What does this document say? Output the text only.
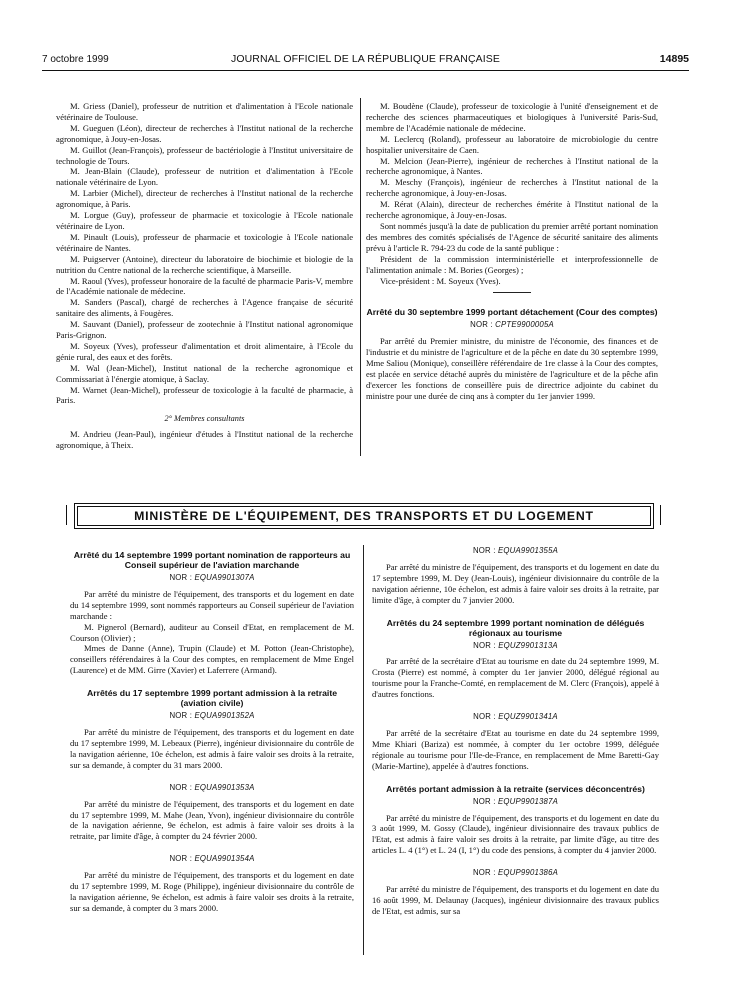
7 octobre 1999	JOURNAL OFFICIEL DE LA RÉPUBLIQUE FRANÇAISE	14895

M. Griess (Daniel), professeur de nutrition et d'alimentation à l'Ecole nationale vétérinaire de Toulouse.

M. Gueguen (Léon), directeur de recherches à l'Institut national de la recherche agronomique, à Jouy-en-Josas.

M. Guillot (Jean-François), professeur de bactériologie à l'Institut universitaire de technologie de Tours.

M. Jean-Blain (Claude), professeur de nutrition et d'alimentation à l'Ecole nationale vétérinaire de Lyon.

M. Larbier (Michel), directeur de recherches à l'Institut national de la recherche agronomique, à Paris.

M. Lorgue (Guy), professeur de pharmacie et toxicologie à l'Ecole nationale vétérinaire de Lyon.

M. Pinault (Louis), professeur de pharmacie et toxicologie à l'Ecole nationale vétérinaire de Nantes.

M. Puigserver (Antoine), directeur du laboratoire de biochimie et biologie de la nutrition du Centre national de la recherche scientifique, à Marseille.

M. Raoul (Yves), professeur honoraire de la faculté de pharmacie Paris-V, membre de l'Académie nationale de médecine.

M. Sanders (Pascal), chargé de recherches à l'Agence française de sécurité sanitaire des aliments, à Fougères.

M. Sauvant (Daniel), professeur de zootechnie à l'Institut national agronomique Paris-Grignon.

M. Soyeux (Yves), professeur d'alimentation et droit alimentaire, à l'Ecole du génie rural, des eaux et des forêts.

M. Wal (Jean-Michel), Institut national de la recherche agronomique et Commissariat à l'énergie atomique, à Saclay.

M. Warnet (Jean-Michel), professeur de toxicologie à la faculté de pharmacie, à Paris.

2° Membres consultants

M. Andrieu (Jean-Paul), ingénieur d'études à l'Institut national de la recherche agronomique, à Theix.

M. Boudène (Claude), professeur de toxicologie à l'unité d'enseignement et de recherche des sciences pharmaceutiques et biologiques à l'université Paris-Sud, membre de l'Académie nationale de médecine.

M. Leclercq (Roland), professeur au laboratoire de microbiologie du centre hospitalier universitaire de Caen.

M. Melcion (Jean-Pierre), ingénieur de recherches à l'Institut national de la recherche agronomique, à Nantes.

M. Meschy (François), ingénieur de recherches à l'Institut national de la recherche agronomique, à Jouy-en-Josas.

M. Rérat (Alain), directeur de recherches émérite à l'Institut national de la recherche agronomique, à Jouy-en-Josas.

Sont nommés jusqu'à la date de publication du premier arrêté portant nomination des membres des comités spécialisés de l'Agence de sécurité sanitaire des aliments prévu à l'article R. 794-23 du code de la santé publique :

Président de la commission interministérielle et interprofessionnelle de l'alimentation animale : M. Bories (Georges) ;

Vice-président : M. Soyeux (Yves).

Arrêté du 30 septembre 1999 portant détachement (Cour des comptes)

NOR : CPTE9900005A

Par arrêté du Premier ministre, du ministre de l'économie, des finances et de l'industrie et du ministre de l'agriculture et de la pêche en date du 30 septembre 1999, Mme Saliou (Monique), conseillère référendaire de 1re classe à la Cour des comptes, est placée en service détaché auprès du ministère de l'agriculture et de la pêche afin d'exercer les fonctions de conseillère puis de directrice adjointe du cabinet du ministre pour une durée de cinq ans à compter du 1er janvier 1999.

MINISTÈRE DE L'ÉQUIPEMENT, DES TRANSPORTS ET DU LOGEMENT

Arrêté du 14 septembre 1999 portant nomination de rapporteurs au Conseil supérieur de l'aviation marchande

NOR : EQUA9901307A

Par arrêté du ministre de l'équipement, des transports et du logement en date du 14 septembre 1999, sont nommés rapporteurs au Conseil supérieur de l'aviation marchande :

M. Pignerol (Bernard), auditeur au Conseil d'Etat, en remplacement de M. Courson (Olivier) ;

Mmes de Danne (Anne), Trupin (Claude) et M. Potton (Jean-Christophe), conseillers référendaires à la Cour des comptes, en remplacement de Mme Engel (Laurence) et de MM. Girre (Xavier) et Laferrere (Armand).

Arrêtés du 17 septembre 1999 portant admission à la retraite (aviation civile)

NOR : EQUA9901352A

Par arrêté du ministre de l'équipement, des transports et du logement en date du 17 septembre 1999, M. Lebeaux (Pierre), ingénieur divisionnaire du contrôle de la navigation aérienne, 10e échelon, est admis à faire valoir ses droits à la retraite, sur sa demande, à compter du 31 mars 2000.

NOR : EQUA9901353A

Par arrêté du ministre de l'équipement, des transports et du logement en date du 17 septembre 1999, M. Mahe (Jean, Yvon), ingénieur divisionnaire du contrôle de la navigation aérienne, 9e échelon, est admis à faire valoir ses droits à la retraite, par limite d'âge, à compter du 24 février 2000.

NOR : EQUA9901354A

Par arrêté du ministre de l'équipement, des transports et du logement en date du 17 septembre 1999, M. Roge (Philippe), ingénieur divisionnaire du contrôle de la navigation aérienne, 9e échelon, est admis à faire valoir ses droits à la retraite, sur sa demande, à compter du 3 mars 2000.

NOR : EQUA9901355A

Par arrêté du ministre de l'équipement, des transports et du logement en date du 17 septembre 1999, M. Dey (Jean-Louis), ingénieur divisionnaire du contrôle de la navigation aérienne, 10e échelon, est admis à faire valoir ses droits à la retraite, par limite d'âge, à compter du 7 janvier 2000.

Arrêtés du 24 septembre 1999 portant nomination de délégués régionaux au tourisme

NOR : EQUZ9901313A

Par arrêté de la secrétaire d'Etat au tourisme en date du 24 septembre 1999, M. Crosta (Pierre) est nommé, à compter du 1er janvier 2000, délégué régional au tourisme pour la Franche-Comté, en remplacement de M. Clerc (François), appelé à d'autres fonctions.

NOR : EQUZ9901341A

Par arrêté de la secrétaire d'Etat au tourisme en date du 24 septembre 1999, Mme Khiari (Bariza) est nommée, à compter du 1er octobre 1999, déléguée régionale au tourisme pour l'Ile-de-France, en remplacement de Mme Baretti-Gay (Marie-Martine), appelée à d'autres fonctions.

Arrêtés portant admission à la retraite (services déconcentrés)

NOR : EQUP9901387A

Par arrêté du ministre de l'équipement, des transports et du logement en date du 3 août 1999, M. Gossy (Claude), ingénieur divisionnaire des travaux publics de l'Etat, est admis à faire valoir ses droits à la retraite, par limite d'âge, au titre des articles L. 4 (1°) et L. 24 (I, 1°) du code des pensions, à compter du 4 janvier 2000.

NOR : EQUP9901386A

Par arrêté du ministre de l'équipement, des transports et du logement en date du 16 août 1999, M. Delaunay (Jacques), ingénieur divisionnaire des travaux publics de l'Etat, est admis, sur sa
